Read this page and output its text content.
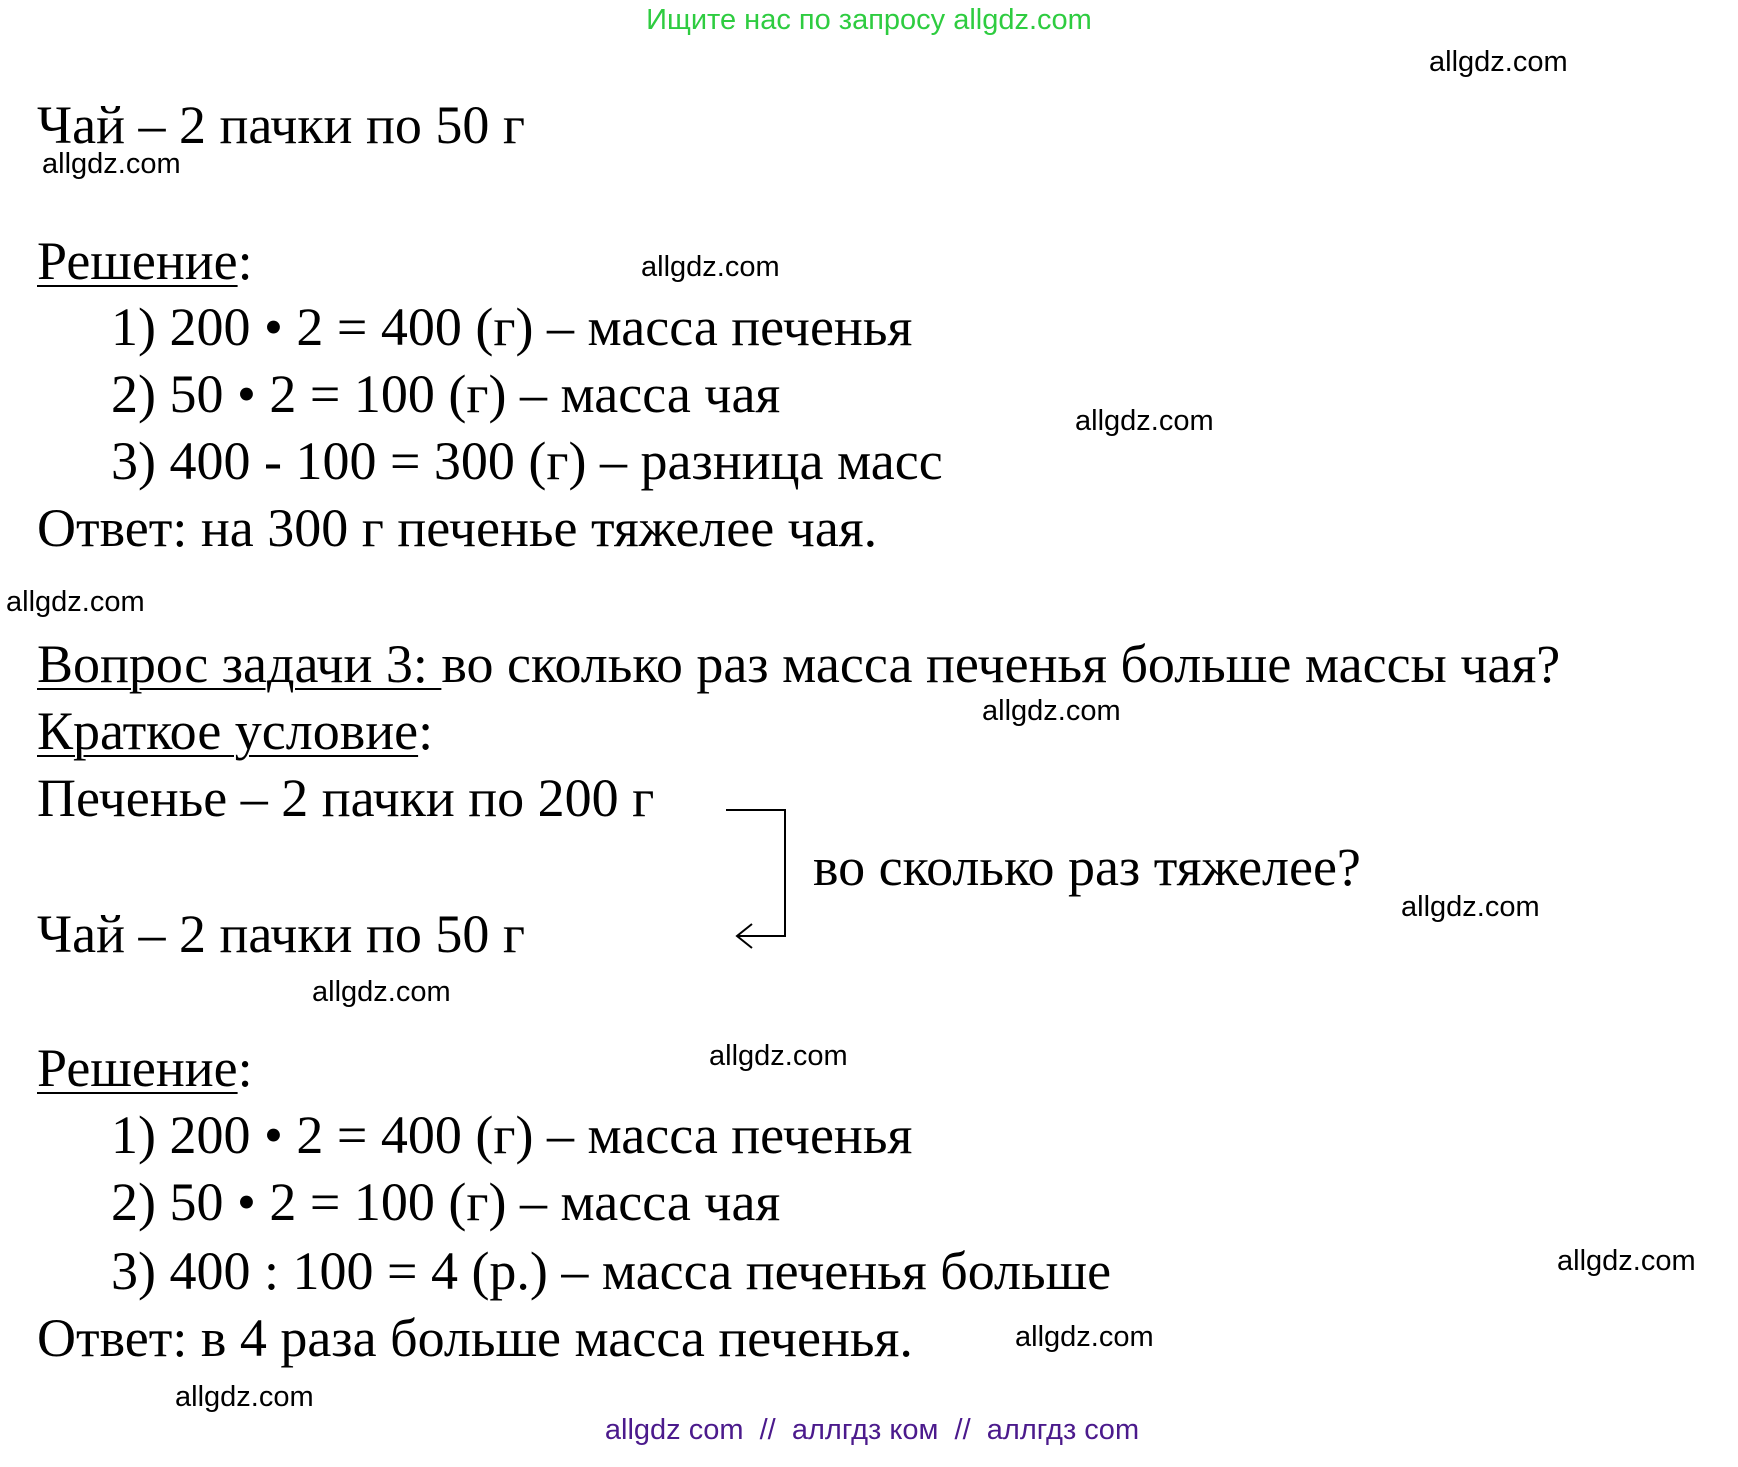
Ищите нас по запросу allgdz.com
Чай – 2 пачки по 50 г
Решение:
1) 200 • 2 = 400 (г) – масса печенья
2) 50 • 2 = 100 (г) – масса чая
3) 400 - 100 = 300 (г) – разница масс
Ответ: на 300 г печенье тяжелее чая.
Вопрос задачи 3: во сколько раз масса печенья больше массы чая?
Краткое условие:
Печенье – 2 пачки по 200 г
во сколько раз тяжелее?
Чай – 2 пачки по 50 г
Решение:
1) 200 • 2 = 400 (г) – масса печенья
2) 50 • 2 = 100 (г) – масса чая
3) 400 : 100 = 4 (р.) – масса печенья больше
Ответ: в 4 раза больше масса печенья.
allgdz.com
allgdz.com
allgdz.com
allgdz.com
allgdz.com
allgdz.com
allgdz.com
allgdz.com
allgdz.com
allgdz.com
allgdz.com
allgdz.com
allgdz com  //  аллгдз ком  //  аллгдз com
